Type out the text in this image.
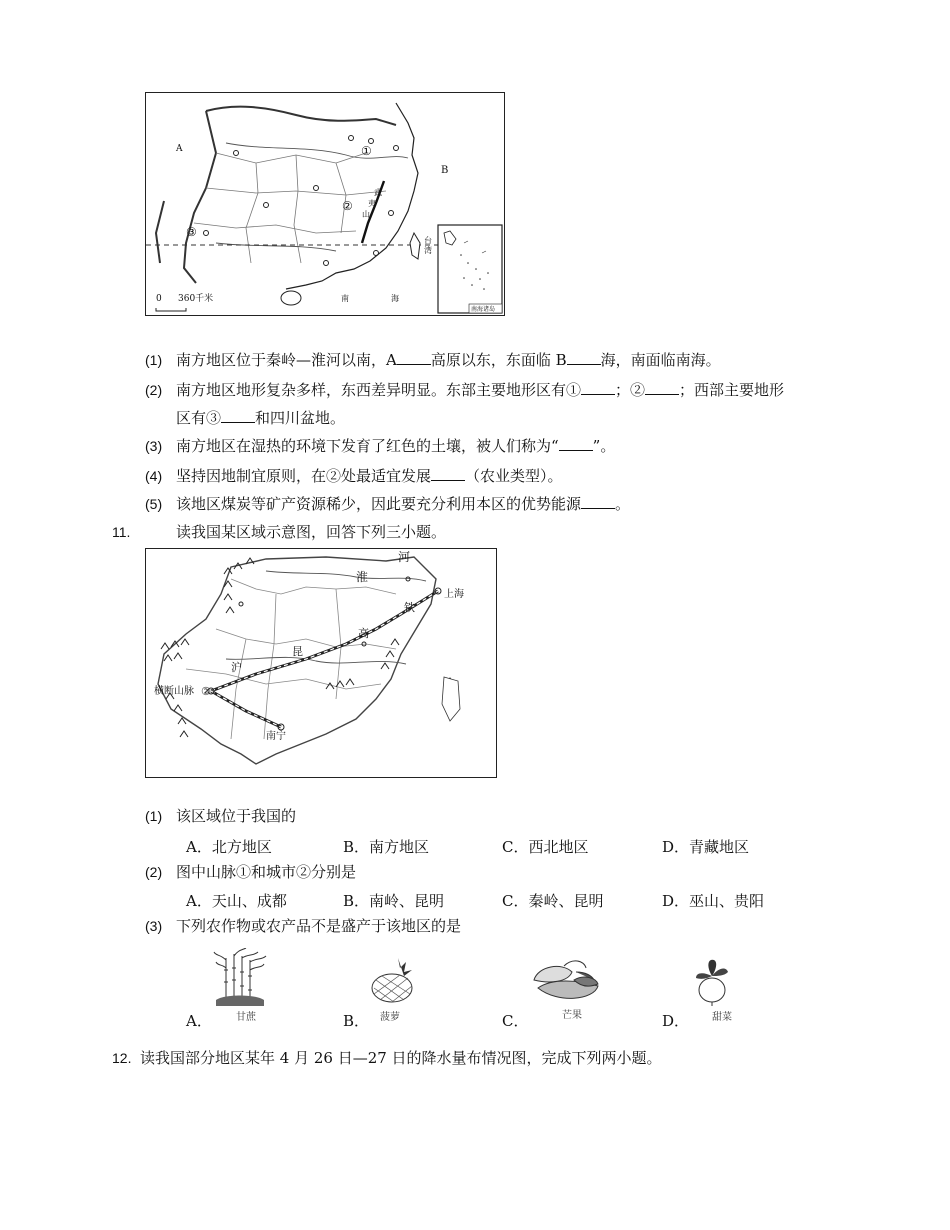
A
B
①
②
③
武
夷
山
台
湾
南	海
0 360千米
南海诸岛
(1) 南方地区位于秦岭—淮河以南，A 高原以东，东面临 B 海，南面临南海。
(2) 南方地区地形复杂多样，东西差异明显。东部主要地形区有① ；② ；西部主要地形
区有③ 和四川盆地。
(3) 南方地区在湿热的环境下发育了红色的土壤，被人们称为“ ”。
(4) 坚持因地制宜原则，在②处最适宜发展 （农业类型）。
(5) 该地区煤炭等矿产资源稀少，因此要充分利用本区的优势能源 。
11.	读我国某区域示意图，回答下列三小题。
河
淮
上海
铁
高
昆
沪
横断山脉 ②
南宁
(1) 该区域位于我国的
A．北方地区	B．南方地区	C．西北地区	D．青藏地区
(2) 图中山脉①和城市②分别是
A．天山、成都	B．南岭、昆明	C．秦岭、昆明	D．巫山、贵阳
(3) 下列农作物或农产品不是盛产于该地区的是
A． 甘蔗	B． 菠萝	C．	芒果	D． 甜菜
12. 读我国部分地区某年 4 月 26 日—27 日的降水量布情况图，完成下列两小题。
